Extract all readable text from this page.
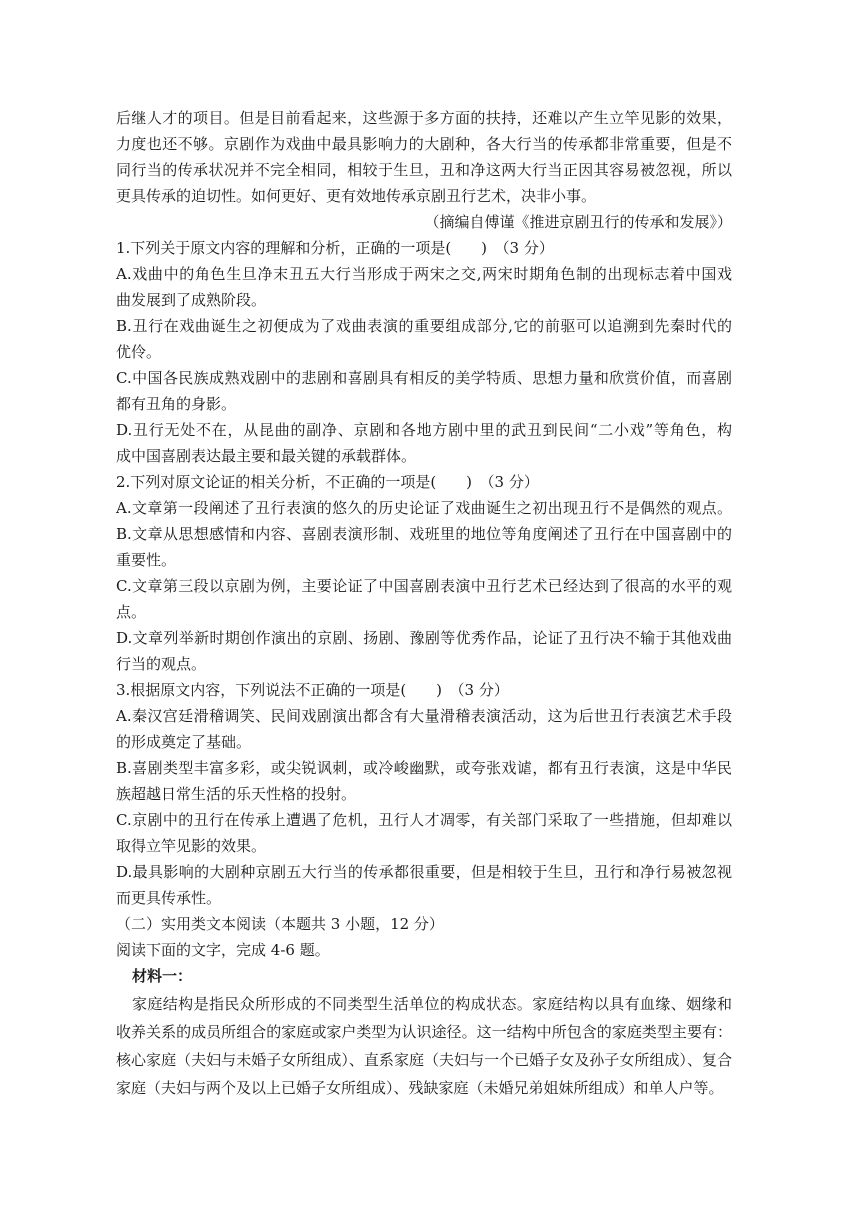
后继人才的项目。但是目前看起来，这些源于多方面的扶持，还难以产生立竿见影的效果，
力度也还不够。京剧作为戏曲中最具影响力的大剧种，各大行当的传承都非常重要，但是不
同行当的传承状况并不完全相同，相较于生旦，丑和净这两大行当正因其容易被忽视，所以
更具传承的迫切性。如何更好、更有效地传承京剧丑行艺术，决非小事。
（摘编自傅谨《推进京剧丑行的传承和发展》）
1.下列关于原文内容的理解和分析，正确的一项是(　　)　（3 分）
A.戏曲中的角色生旦净末丑五大行当形成于两宋之交,两宋时期角色制的出现标志着中国戏
曲发展到了成熟阶段。
B.丑行在戏曲诞生之初便成为了戏曲表演的重要组成部分,它的前驱可以追溯到先秦时代的
优伶。
C.中国各民族成熟戏剧中的悲剧和喜剧具有相反的美学特质、思想力量和欣赏价值，而喜剧
都有丑角的身影。
D.丑行无处不在，从昆曲的副净、京剧和各地方剧中里的武丑到民间“二小戏”等角色，构
成中国喜剧表达最主要和最关键的承载群体。
2.下列对原文论证的相关分析，不正确的一项是(　　)　（3 分）
A.文章第一段阐述了丑行表演的悠久的历史论证了戏曲诞生之初出现丑行不是偶然的观点。
B.文章从思想感情和内容、喜剧表演形制、戏班里的地位等角度阐述了丑行在中国喜剧中的
重要性。
C.文章第三段以京剧为例，主要论证了中国喜剧表演中丑行艺术已经达到了很高的水平的观
点。
D.文章列举新时期创作演出的京剧、扬剧、豫剧等优秀作品，论证了丑行决不输于其他戏曲
行当的观点。
3.根据原文内容，下列说法不正确的一项是(　　)　（3 分）
A.秦汉宫廷滑稽调笑、民间戏剧演出都含有大量滑稽表演活动，这为后世丑行表演艺术手段
的形成奠定了基础。
B.喜剧类型丰富多彩，或尖锐讽刺，或冷峻幽默，或夸张戏谑，都有丑行表演，这是中华民
族超越日常生活的乐天性格的投射。
C.京剧中的丑行在传承上遭遇了危机，丑行人才凋零，有关部门采取了一些措施，但却难以
取得立竿见影的效果。
D.最具影响的大剧种京剧五大行当的传承都很重要，但是相较于生旦，丑行和净行易被忽视
而更具传承性。
（二）实用类文本阅读（本题共 3 小题，12 分）
阅读下面的文字，完成 4-6 题。
材料一：
家庭结构是指民众所形成的不同类型生活单位的构成状态。家庭结构以具有血缘、姻缘和
收养关系的成员所组合的家庭或家户类型为认识途径。这一结构中所包含的家庭类型主要有：
核心家庭（夫妇与未婚子女所组成）、直系家庭（夫妇与一个已婚子女及孙子女所组成）、复合
家庭（夫妇与两个及以上已婚子女所组成）、残缺家庭（未婚兄弟姐妹所组成）和单人户等。
